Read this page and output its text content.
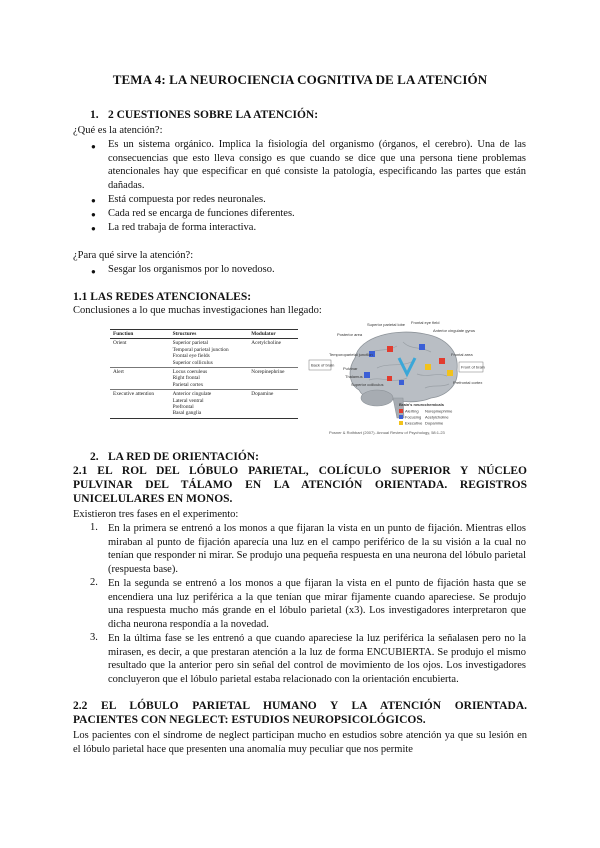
TEMA 4: LA NEUROCIENCIA COGNITIVA DE LA ATENCIÓN
1. 2 CUESTIONES SOBRE LA ATENCIÓN:
¿Qué es la atención?:
● Es un sistema orgánico. Implica la fisiología del organismo (órganos, el cerebro). Una de las consecuencias que esto lleva consigo es que cuando se dice que una persona tiene problemas atencionales hay que especificar en qué consiste la patología, especificando las partes que están dañadas.
● Está compuesta por redes neuronales.
● Cada red se encarga de funciones diferentes.
● La red trabaja de forma interactiva.
¿Para qué sirve la atención?:
● Sesgar los organismos por lo novedoso.
1.1 LAS REDES ATENCIONALES:
Conclusiones a lo que muchas investigaciones han llegado:
Function	Structures	Modulator
Orient	Superior parietal
Temporal parietal junction
Frontal eye fields
Superior colliculus	Acetylcholine
Alert	Locus coeruleus
Right frontal
Parietal cortex	Norepinephrine
Executive attention	Anterior cingulate
Lateral ventral
Prefrontal
Basal ganglia	Dopamine
Superior parietal lobe
Posterior area
Temporoparietal junction
Pulvinar
Thalamus
Superior colliculus
Frontal eye field
Anterior cingulate gyrus
Frontal area
Prefrontal cortex
Back of brain	Front of brain
Brain's neurochemicals
Alerting Norepinephrine
Focusing Acetylcholine
Executive Dopamine
Posner & Rothbart (2007). Annual Review of Psychology, 58:1-23
2. LA RED DE ORIENTACIÓN:
2.1 EL ROL DEL LÓBULO PARIETAL, COLÍCULO SUPERIOR Y NÚCLEO
PULVINAR DEL TÁLAMO EN LA ATENCIÓN ORIENTADA. REGISTROS
UNICELULARES EN MONOS.
Existieron tres fases en el experimento:
1. En la primera se entrenó a los monos a que fijaran la vista en un punto de fijación. Mientras ellos miraban al punto de fijación aparecía una luz en el campo periférico de la su visión a la cual no tenían que responder ni mirar. Se produjo una pequeña respuesta en una neurona del lóbulo parietal (respuesta base).
2. En la segunda se entrenó a los monos a que fijaran la vista en el punto de fijación hasta que se encendiera una luz periférica a la que tenían que mirar fijamente cuando apareciese. Se produjo una respuesta mucho más grande en el lóbulo parietal (x3). Los investigadores interpretaron que dicha neurona respondía a la novedad.
3. En la última fase se les entrenó a que cuando apareciese la luz periférica la señalasen pero no la mirasen, es decir, a que prestaran atención a la luz de forma ENCUBIERTA. Se produjo el mismo resultado que la anterior pero sin señal del control de movimiento de los ojos. Los investigadores concluyeron que el lóbulo parietal estaba relacionado con la orientación encubierta.
2.2 EL LÓBULO PARIETAL HUMANO Y LA ATENCIÓN ORIENTADA.
PACIENTES CON NEGLECT: ESTUDIOS NEUROPSICOLÓGICOS.
Los pacientes con el síndrome de neglect participan mucho en estudios sobre atención ya que su lesión en el lóbulo parietal hace que presenten una anomalía muy peculiar que nos permite
